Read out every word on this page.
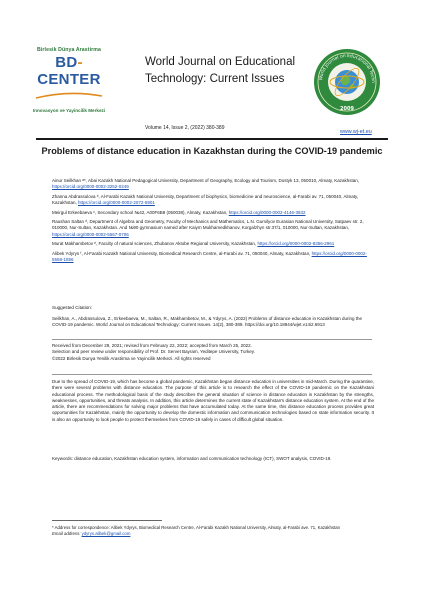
Birlesik Dünya Arastirma
BD-CENTER
Innovasyon ve Yayincilik Merkezi
World Journal on Educational Technology: Current Issues	World Journal on Educational Techn
2009
Volume 14, Issue 2, (2022) 380-389
www.wj-et.eu
Problems of distance education in Kazakhstan during the COVID-19 pandemic
Ainur Seilkhan ᵃ*, Abai Kazakh National Pedagogical University, Department of Geography, Ecology and Tourism, Dostyk 13, 050010, Almaty, Kazakhstan, https://orcid.org/0000-0002-3252-0249
Zhanna Abdrassulova ᵇ, Al-Farabi Kazakh National University, Department of biophysics, biomedicine and neuroscience, al-Farabi av. 71, 050040, Almaty, Kazakhstan, https://orcid.org/0000-0002-2072-5901
Meirgul Erkeebaeva ᶜ, Secondary school №42, A00F6B8 (050038), Almaty, Kazakhstan, https://orcid.org/0000-0002-4146-3832
Raushan Saltan ᵈ, Department of Algebra and Geometry, Faculty of Mechanics and Mathematics, L.N. Gumilyov Eurasian National University, Satpaev str. 2, 010000, Nur-Sultan, Kazakhstan. And №90 gymnasium named after Kaiym Mukhamedkhanov, Korgalzhyn str.37/1, 010000, Nur-Sultan, Kazakhstan, https://orcid.org/0000-0002-5567-0706
Murat Makhambetov ᵉ, Faculty of natural sciences, Zhubanov Aktobe Regional University, Kazakhstan, https://orcid.org/0000-0002-8356-2961
Alibek Ydyrys ᶠ, Al-Farabi Kazakh National University, Biomedical Research Centre, al-Farabi av. 71, 050040, Almaty, Kazakhstan, https://orcid.org/0000-0002-5558-1856
Suggested Citation:
Seilkhan, A., Abdrassulova, Z., Erkeebaeva, M., Saltan, R., Makhambetov, M., & Ydyrys, A. (2022) Problems of distance education in Kazakhstan during the COVID-19 pandemic. World Journal on Educational Technology: Current Issues. 14(2), 380-389. https://doi.org/10.18844/wjet.v14i2.6913
Received from December 29, 2021; revised from February 22, 2022; accepted from March 25, 2022.
Selection and peer review under responsibility of Prof. Dr. Servet Bayram, Yeditepe University, Turkey.
©2022 Birlesik Dunya Yenilik Arastirma ve Yayincilik Merkezi. All rights reserved
Due to the spread of COVID-19, which has become a global pandemic, Kazakhstan began distance education in universities in mid-March. During the quarantine, there were several problems with distance education. The purpose of this article is to research the effect of the COVID-19 pandemic on the Kazakhstani educational process. The methodological basis of the study describes the general situation of science in distance education in Kazakhstan by the strengths, weaknesses, opportunities, and threats analysis. In addition, this article determines the current state of Kazakhstan's distance education system. At the end of the article, there are recommendations for solving major problems that have accumulated today. At the same time, this distance education process provides great opportunities for Kazakhstan, mainly the opportunity to develop the domestic information and communication technologies based on state information security. It is also an opportunity to look people to protect themselves from COVID-19 safely in cases of difficult global situation.
Keywords: distance education, Kazakhstan education system, information and communication technology (ICT), SWOT analysis, COVID-19.
* Address for correspondence: Alibek Ydyrys, Biomedical Research Centre, Al-Farabi Kazakh National University, Almaty, al-Farabi ave. 71, Kazakhstan
Email address: ydyrys.alibek@gmail.com
